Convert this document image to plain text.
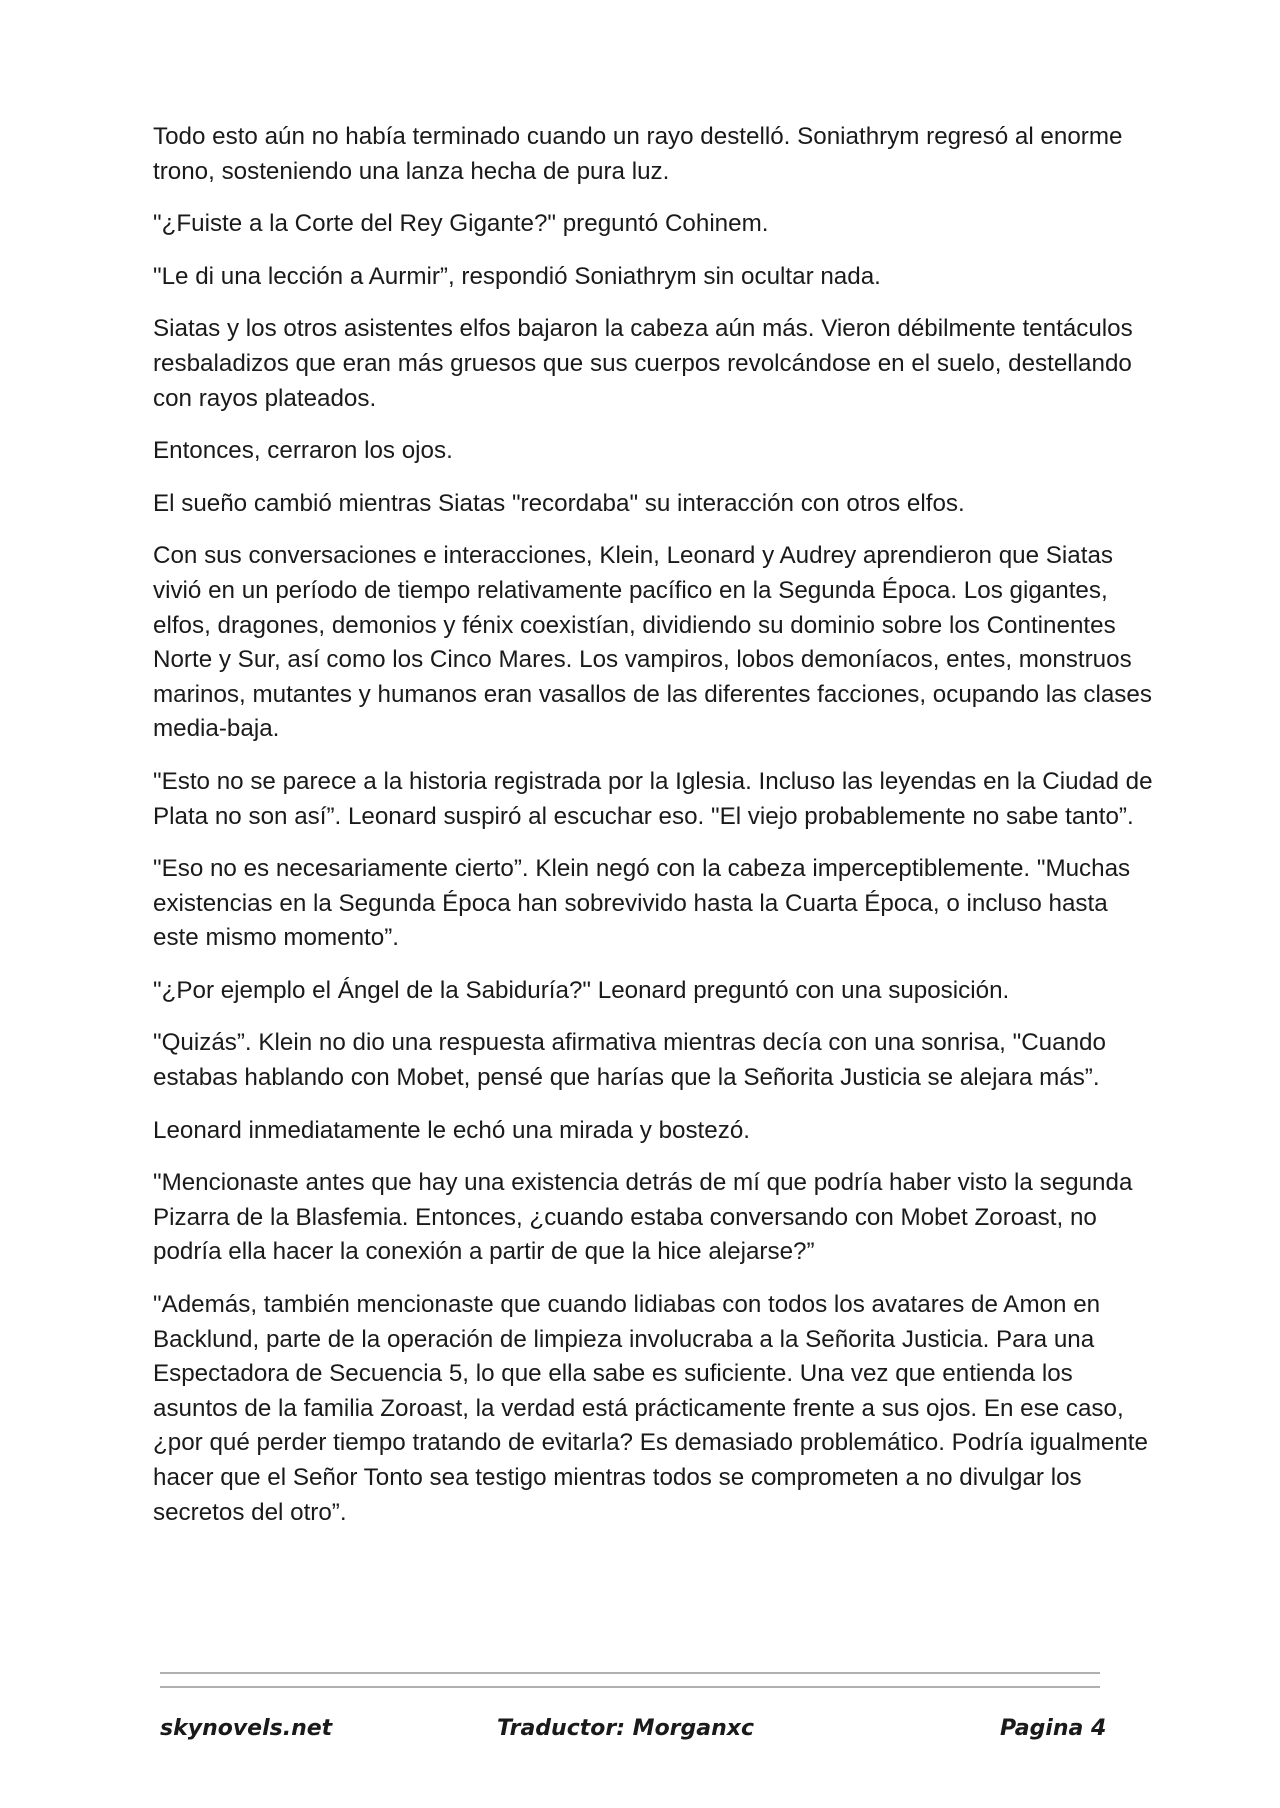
Todo esto aún no había terminado cuando un rayo destelló. Soniathrym regresó al enorme trono, sosteniendo una lanza hecha de pura luz.

"¿Fuiste a la Corte del Rey Gigante?" preguntó Cohinem.

"Le di una lección a Aurmir”, respondió Soniathrym sin ocultar nada.

Siatas y los otros asistentes elfos bajaron la cabeza aún más. Vieron débilmente tentáculos resbaladizos que eran más gruesos que sus cuerpos revolcándose en el suelo, destellando con rayos plateados.

Entonces, cerraron los ojos.

El sueño cambió mientras Siatas "recordaba" su interacción con otros elfos.

Con sus conversaciones e interacciones, Klein, Leonard y Audrey aprendieron que Siatas vivió en un período de tiempo relativamente pacífico en la Segunda Época. Los gigantes, elfos, dragones, demonios y fénix coexistían, dividiendo su dominio sobre los Continentes Norte y Sur, así como los Cinco Mares. Los vampiros, lobos demoníacos, entes, monstruos marinos, mutantes y humanos eran vasallos de las diferentes facciones, ocupando las clases media-baja.

"Esto no se parece a la historia registrada por la Iglesia. Incluso las leyendas en la Ciudad de Plata no son así”. Leonard suspiró al escuchar eso. "El viejo probablemente no sabe tanto”.

"Eso no es necesariamente cierto”. Klein negó con la cabeza imperceptiblemente. "Muchas existencias en la Segunda Época han sobrevivido hasta la Cuarta Época, o incluso hasta este mismo momento”.

"¿Por ejemplo el Ángel de la Sabiduría?" Leonard preguntó con una suposición.

"Quizás”. Klein no dio una respuesta afirmativa mientras decía con una sonrisa, "Cuando estabas hablando con Mobet, pensé que harías que la Señorita Justicia se alejara más”.

Leonard inmediatamente le echó una mirada y bostezó.

"Mencionaste antes que hay una existencia detrás de mí que podría haber visto la segunda Pizarra de la Blasfemia. Entonces, ¿cuando estaba conversando con Mobet Zoroast, no podría ella hacer la conexión a partir de que la hice alejarse?”

"Además, también mencionaste que cuando lidiabas con todos los avatares de Amon en Backlund, parte de la operación de limpieza involucraba a la Señorita Justicia. Para una Espectadora de Secuencia 5, lo que ella sabe es suficiente. Una vez que entienda los asuntos de la familia Zoroast, la verdad está prácticamente frente a sus ojos. En ese caso, ¿por qué perder tiempo tratando de evitarla? Es demasiado problemático. Podría igualmente hacer que el Señor Tonto sea testigo mientras todos se comprometen a no divulgar los secretos del otro”.

skynovels.net	Traductor: Morganxc	Pagina 4
